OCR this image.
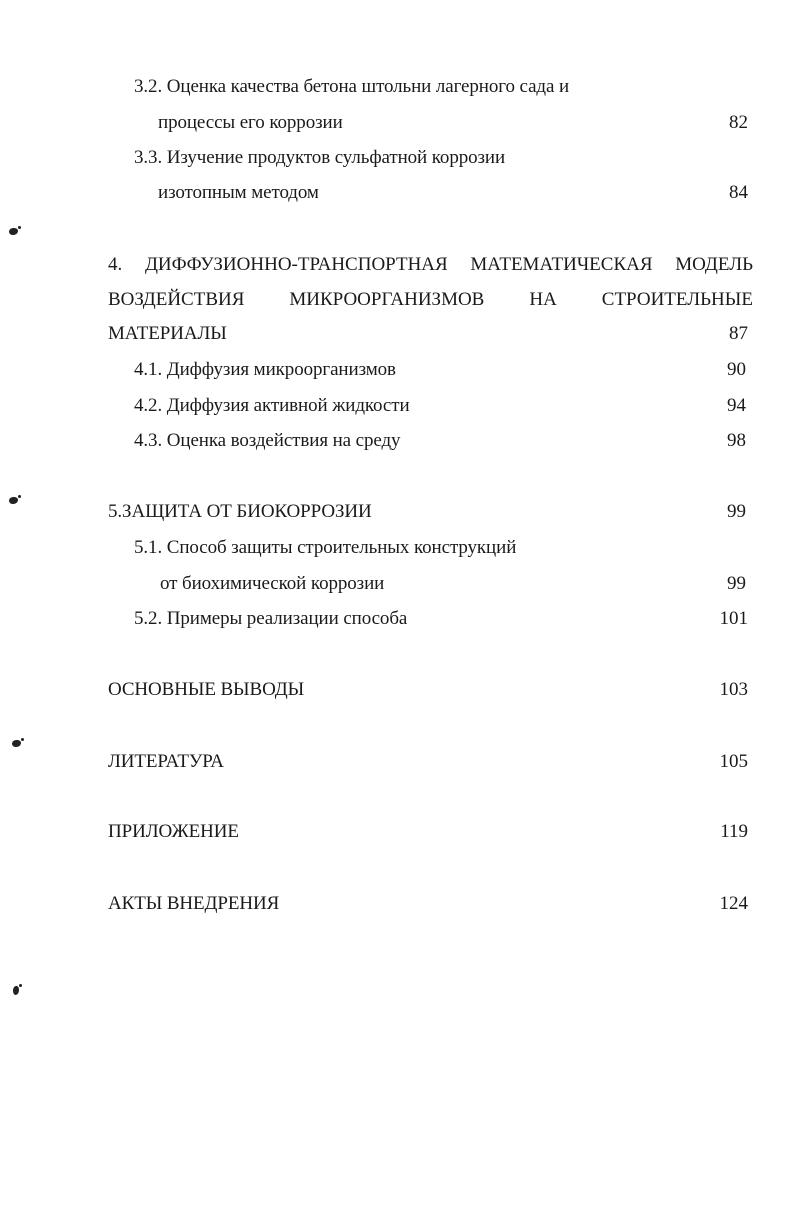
3.2. Оценка качества бетона штольни лагерного сада и
процессы его коррозии	82
3.3. Изучение продуктов сульфатной коррозии
изотопным методом	84
4. ДИФФУЗИОННО-ТРАНСПОРТНАЯ МАТЕМАТИЧЕСКАЯ МОДЕЛЬ
ВОЗДЕЙСТВИЯ МИКРООРГАНИЗМОВ НА СТРОИТЕЛЬНЫЕ
МАТЕРИАЛЫ	87
4.1. Диффузия микроорганизмов	90
4.2. Диффузия активной жидкости	94
4.3. Оценка воздействия на среду	98
5.ЗАЩИТА ОТ БИОКОРРОЗИИ	99
5.1. Способ защиты строительных конструкций
от биохимической коррозии	99
5.2. Примеры реализации способа	101
ОСНОВНЫЕ ВЫВОДЫ	103
ЛИТЕРАТУРА	105
ПРИЛОЖЕНИЕ	119
АКТЫ ВНЕДРЕНИЯ	124
